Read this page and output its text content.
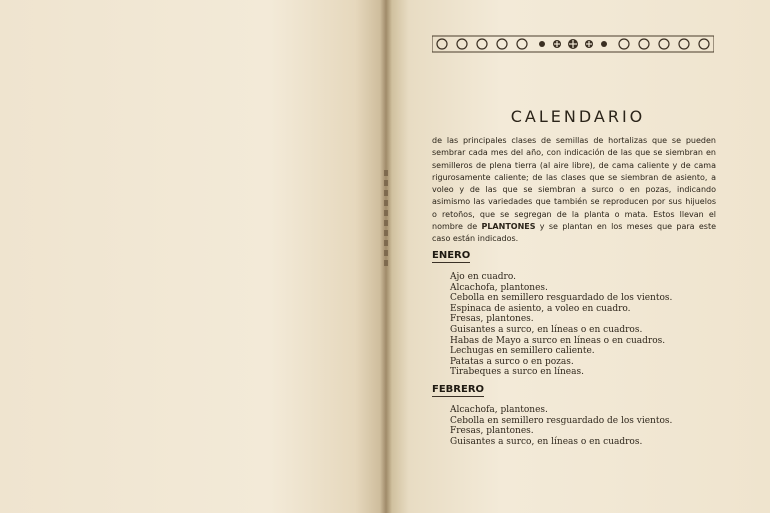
CALENDARIO
de las principales clases de semillas de hortalizas que se pueden sembrar cada mes del año, con indicación de las que se siembran en semilleros de plena tierra (al aire libre), de cama caliente y de cama rigurosamente caliente; de las clases que se siembran de asiento, a voleo y de las que se siembran a surco o en pozas, indicando asimismo las variedades que también se reproducen por sus hijuelos o retoños, que se segregan de la planta o mata. Estos llevan el nombre de PLANTONES y se plantan en los meses que para este caso están indicados.
ENERO
Ajo en cuadro.
Alcachofa, plantones.
Cebolla en semillero resguardado de los vientos.
Espinaca de asiento, a voleo en cuadro.
Fresas, plantones.
Guisantes a surco, en líneas o en cuadros.
Habas de Mayo a surco en líneas o en cuadros.
Lechugas en semillero caliente.
Patatas a surco o en pozas.
Tirabeques a surco en líneas.
FEBRERO
Alcachofa, plantones.
Cebolla en semillero resguardado de los vientos.
Fresas, plantones.
Guisantes a surco, en líneas o en cuadros.
